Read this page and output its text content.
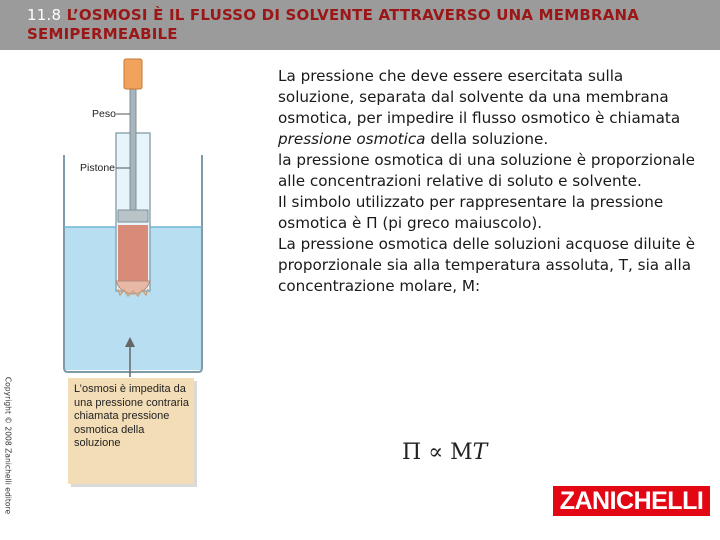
11.8 L’OSMOSI È IL FLUSSO DI SOLVENTE ATTRAVERSO UNA MEMBRANA SEMIPERMEABILE

La pressione che deve essere esercitata sulla soluzione, separata dal solvente da una membrana osmotica, per impedire il flusso osmotico è chiamata pressione osmotica della soluzione.

la pressione osmotica di una soluzione è proporzionale alle concentrazioni relative di soluto e solvente.

Il simbolo utilizzato per rappresentare la pressione osmotica è Π (pi greco maiuscolo).

La pressione osmotica delle soluzioni acquose diluite è proporzionale sia alla temperatura assoluta, T, sia alla concentrazione molare, M:

Copyright © 2008 Zanichelli editore
Peso
Pistone
L’osmosi è impedita da una pressione contraria chiamata pressione osmotica della soluzione	Π ∝ MT
ZANICHELLI
